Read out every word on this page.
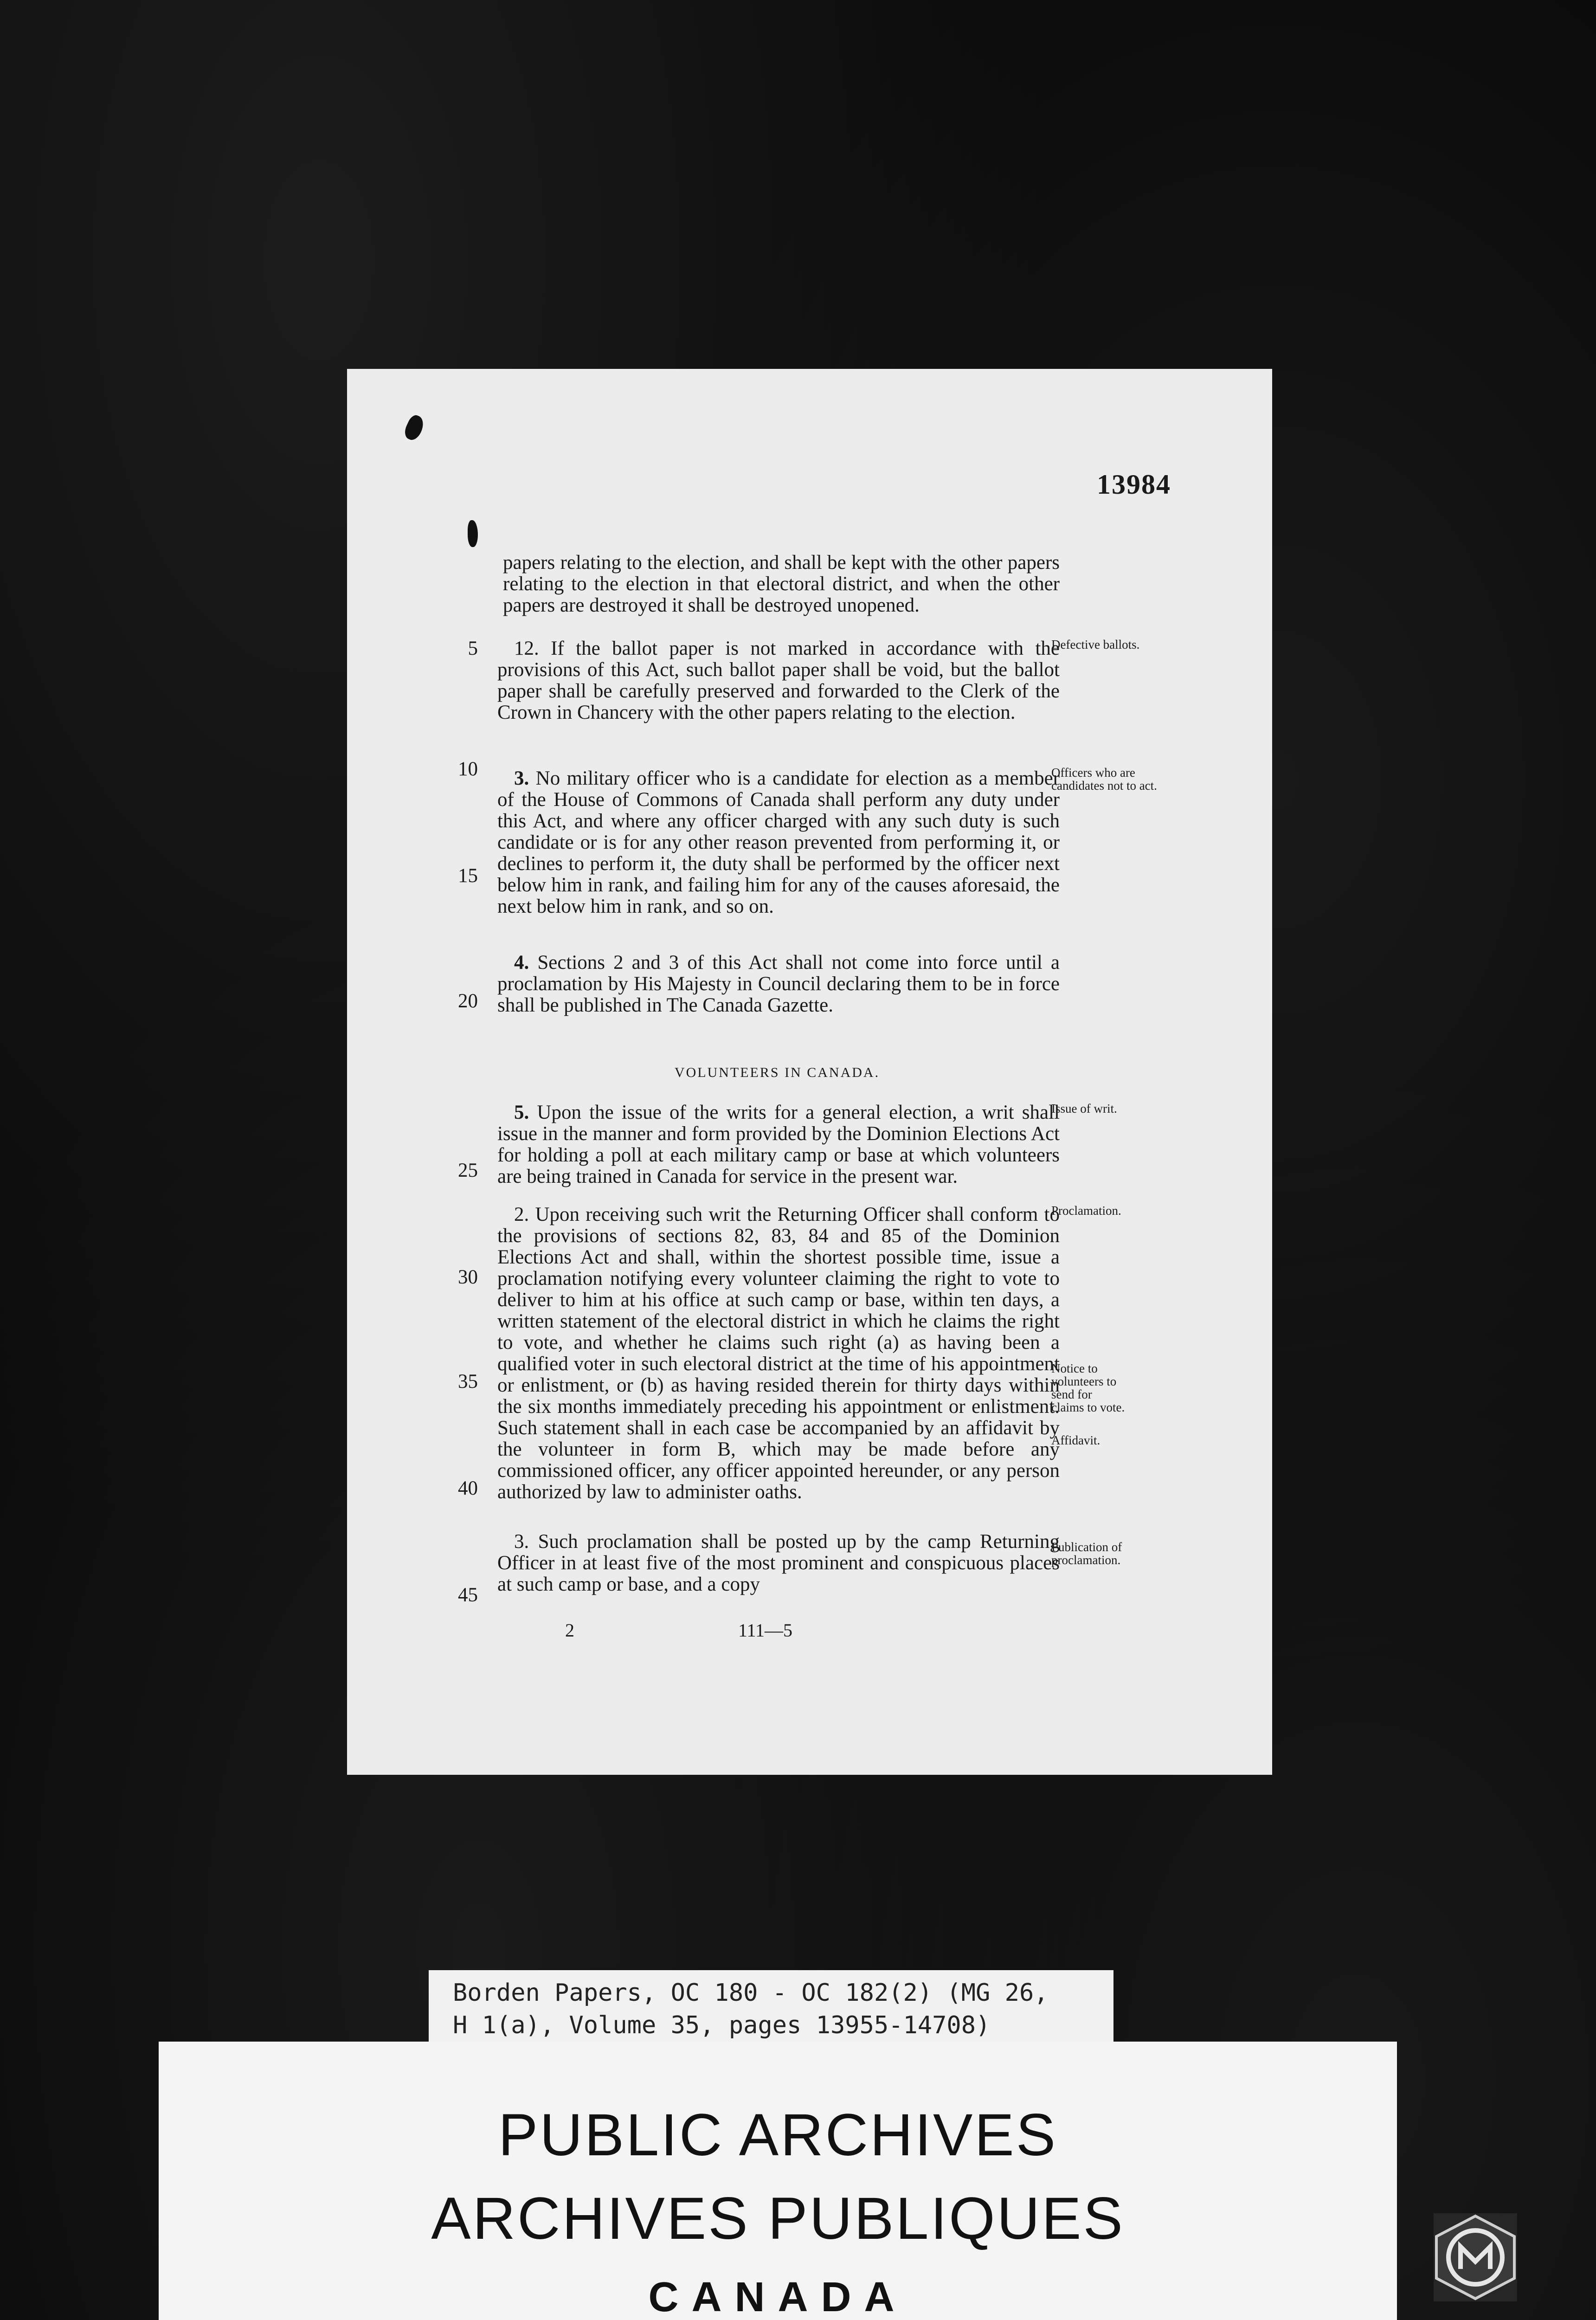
13984
papers relating to the election, and shall be kept with the other papers relating to the election in that electoral district, and when the other papers are destroyed it shall be destroyed unopened.
12. If the ballot paper is not marked in accordance with the provisions of this Act, such ballot paper shall be void, but the ballot paper shall be carefully preserved and forwarded to the Clerk of the Crown in Chancery with the other papers relating to the election.
3. No military officer who is a candidate for election as a member of the House of Commons of Canada shall perform any duty under this Act, and where any officer charged with any such duty is such candidate or is for any other reason prevented from performing it, or declines to perform it, the duty shall be performed by the officer next below him in rank, and failing him for any of the causes aforesaid, the next below him in rank, and so on.
4. Sections 2 and 3 of this Act shall not come into force until a proclamation by His Majesty in Council declaring them to be in force shall be published in The Canada Gazette.
VOLUNTEERS IN CANADA.
5. Upon the issue of the writs for a general election, a writ shall issue in the manner and form provided by the Dominion Elections Act for holding a poll at each military camp or base at which volunteers are being trained in Canada for service in the present war.
2. Upon receiving such writ the Returning Officer shall conform to the provisions of sections 82, 83, 84 and 85 of the Dominion Elections Act and shall, within the shortest possible time, issue a proclamation notifying every volunteer claiming the right to vote to deliver to him at his office at such camp or base, within ten days, a written statement of the electoral district in which he claims the right to vote, and whether he claims such right (a) as having been a qualified voter in such electoral district at the time of his appointment or enlistment, or (b) as having resided therein for thirty days within the six months immediately preceding his appointment or enlistment. Such statement shall in each case be accompanied by an affidavit by the volunteer in form B, which may be made before any commissioned officer, any officer appointed hereunder, or any person authorized by law to administer oaths.
3. Such proclamation shall be posted up by the camp Returning Officer in at least five of the most prominent and conspicuous places at such camp or base, and a copy
5
10
15
20
25
30
35
40
45
Defective ballots.
Officers who are candidates not to act.
Issue of writ.
Proclamation.
Notice to volunteers to send for claims to vote.
Affidavit.
Publication of proclamation.
2	111—5
Borden Papers, OC 180 - OC 182(2) (MG 26,
H 1(a), Volume 35, pages 13955-14708)
PUBLIC ARCHIVES
ARCHIVES PUBLIQUES
CANADA
